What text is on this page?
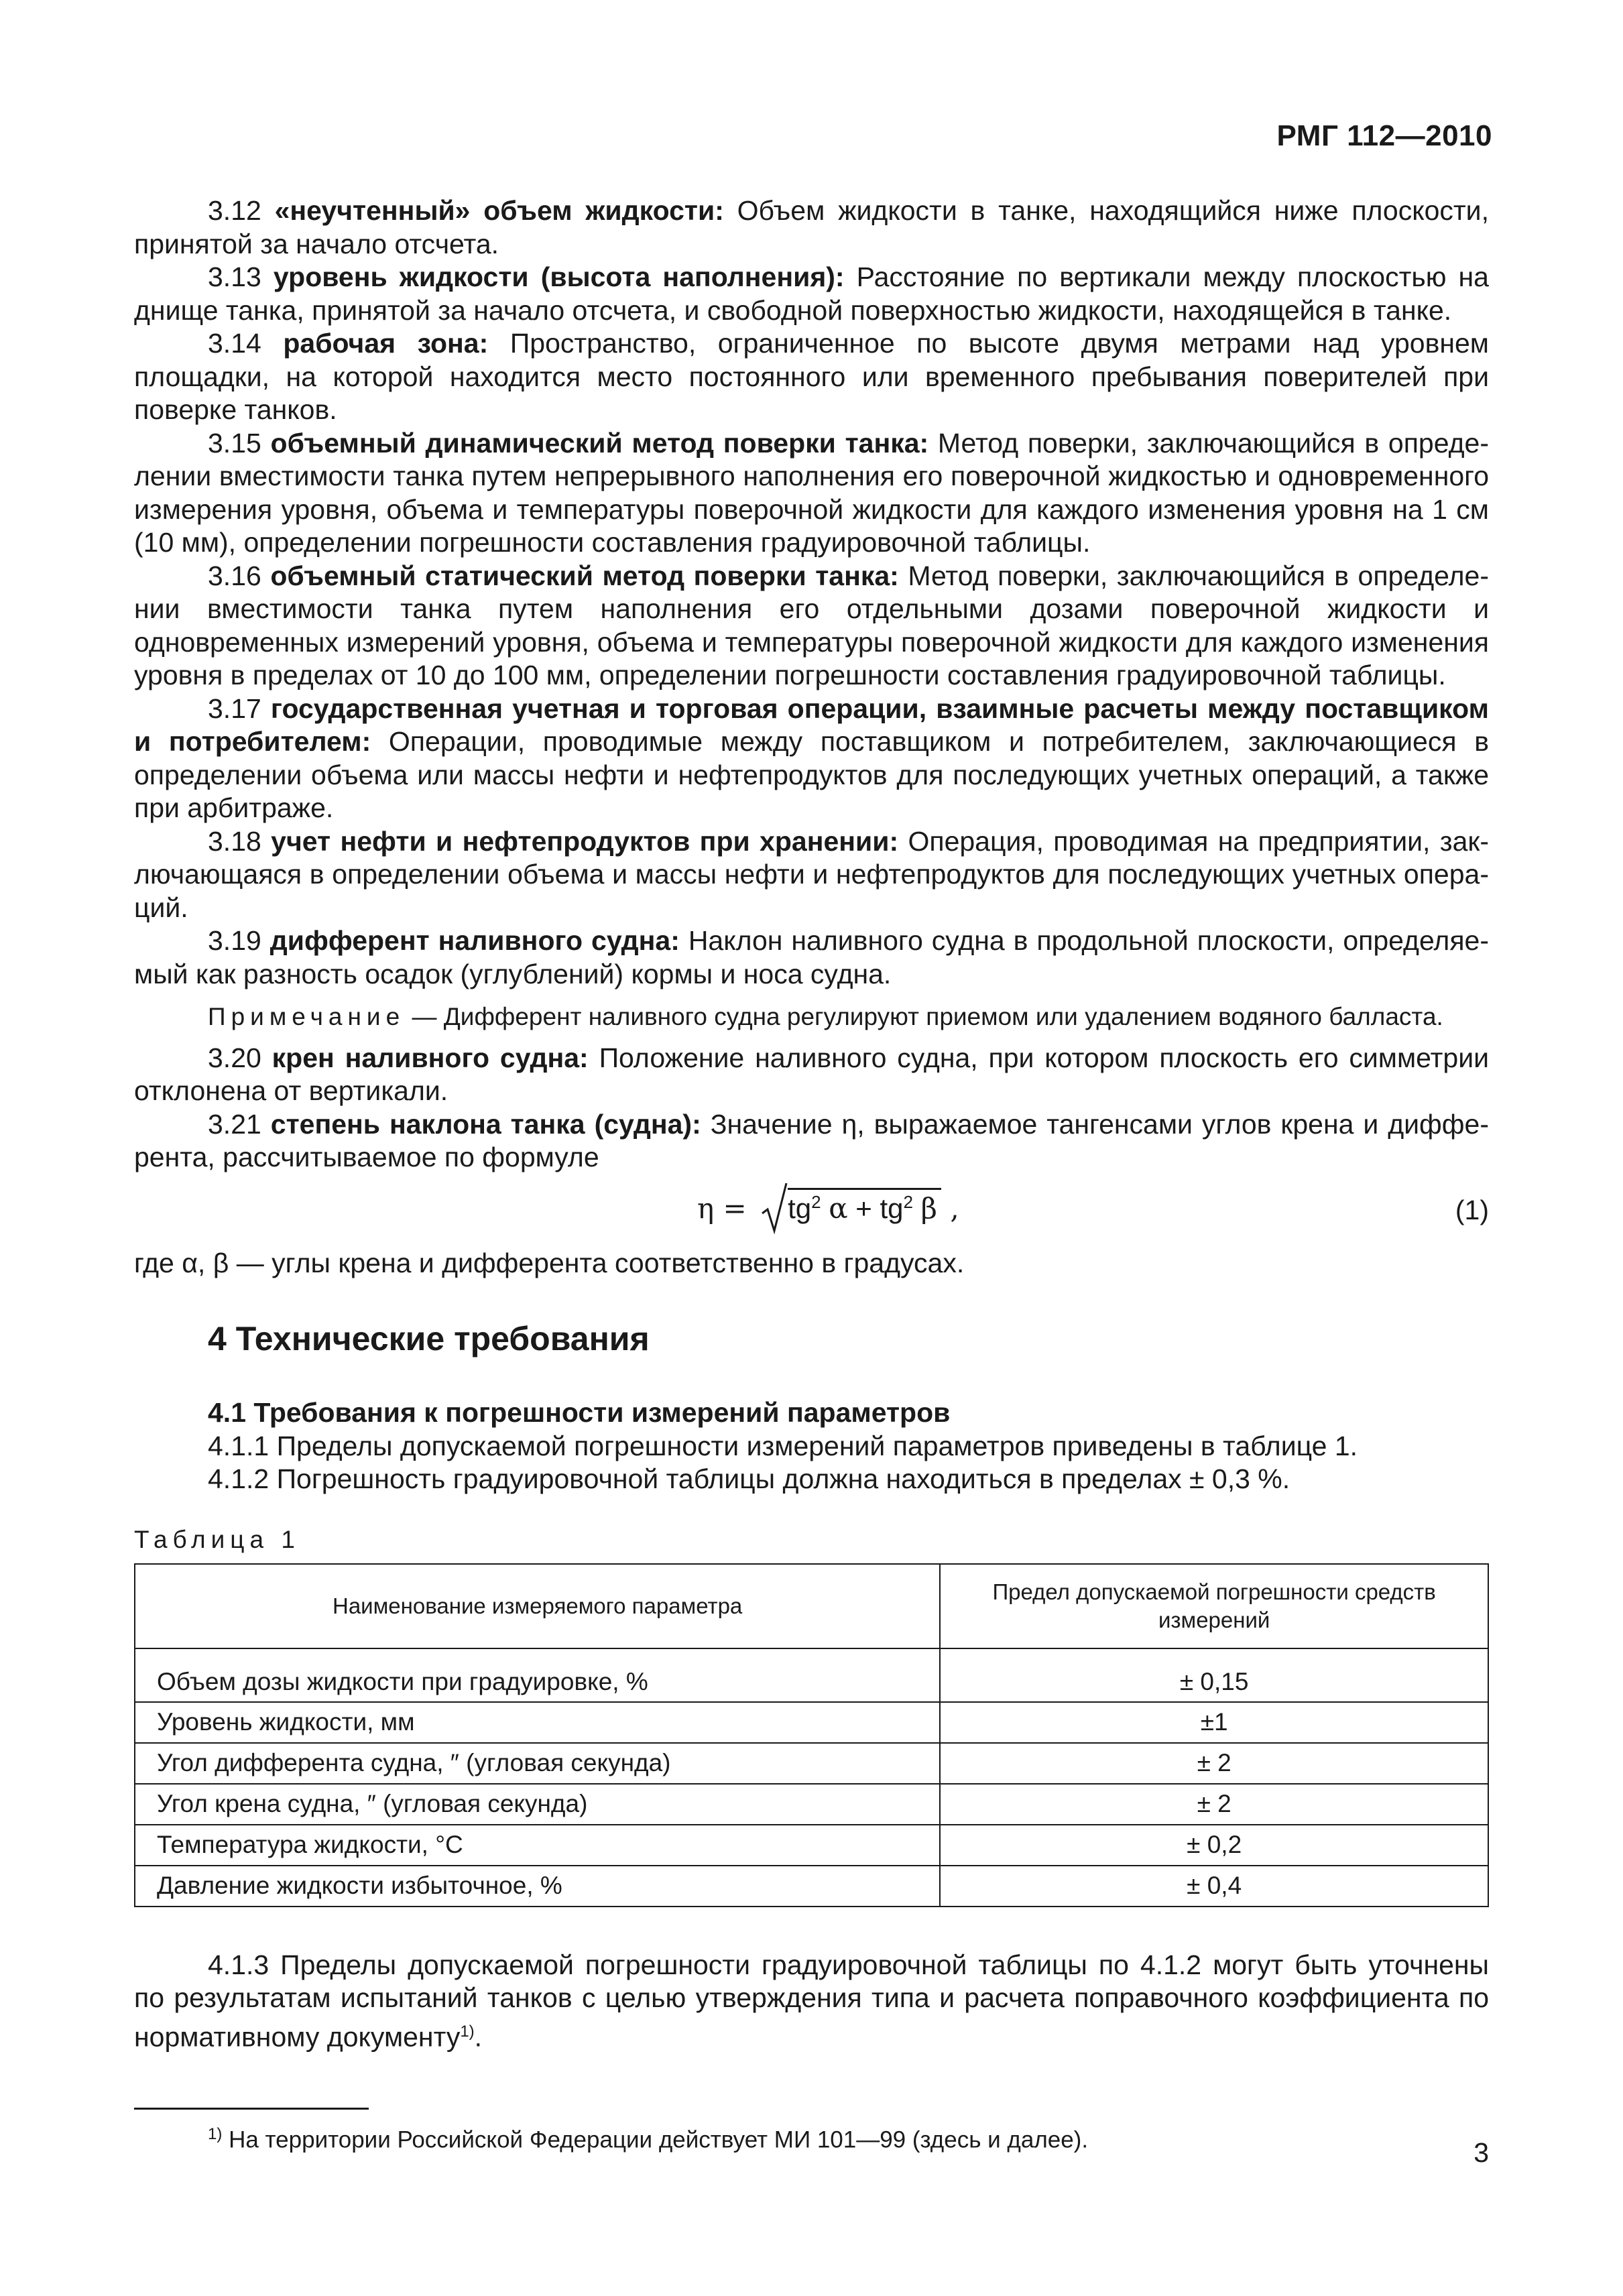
РМГ 112—2010

3.12 «неучтенный» объем жидкости: Объем жидкости в танке, находящийся ниже плоскости, принятой за начало отсчета.

3.13 уровень жидкости (высота наполнения): Расстояние по вертикали между плоскостью на днище танка, принятой за начало отсчета, и свободной поверхностью жидкости, находящейся в танке.

3.14 рабочая зона: Пространство, ограниченное по высоте двумя метрами над уровнем площадки, на которой находится место постоянного или временного пребывания поверителей при поверке танков.

3.15 объемный динамический метод поверки танка: Метод поверки, заключающийся в определении вместимости танка путем непрерывного наполнения его поверочной жидкостью и одновременного измерения уровня, объема и температуры поверочной жидкости для каждого изменения уровня на 1 см (10 мм), определении погрешности составления градуировочной таблицы.

3.16 объемный статический метод поверки танка: Метод поверки, заключающийся в определении вместимости танка путем наполнения его отдельными дозами поверочной жидкости и одновременных измерений уровня, объема и температуры поверочной жидкости для каждого изменения уровня в пределах от 10 до 100 мм, определении погрешности составления градуировочной таблицы.

3.17 государственная учетная и торговая операции, взаимные расчеты между поставщиком и потребителем: Операции, проводимые между поставщиком и потребителем, заключающиеся в определении объема или массы нефти и нефтепродуктов для последующих учетных операций, а также при арбитраже.

3.18 учет нефти и нефтепродуктов при хранении: Операция, проводимая на предприятии, заключающаяся в определении объема и массы нефти и нефтепродуктов для последующих учетных операций.

3.19 дифферент наливного судна: Наклон наливного судна в продольной плоскости, определяемый как разность осадок (углублений) кормы и носа судна.

Примечание — Дифферент наливного судна регулируют приемом или удалением водяного балласта.

3.20 крен наливного судна: Положение наливного судна, при котором плоскость его симметрии отклонена от вертикали.

3.21 степень наклона танка (судна): Значение η, выражаемое тангенсами углов крена и дифферента, рассчитываемое по формуле

$\eta = tg^2$ $\alpha + tg^2$ β ,	(1)

где α, β — углы крена и дифферента соответственно в градусах.

4 Технические требования
4.1 Требования к погрешности измерений параметров

4.1.1 Пределы допускаемой погрешности измерений параметров приведены в таблице 1.

4.1.2 Погрешность градуировочной таблицы должна находиться в пределах ± 0,3 %.

Таблица 1
Наименование измеряемого параметра	Предел допускаемой погрешности средств измерений
Объем дозы жидкости при градуировке, %	± 0,15
Уровень жидкости, мм	±1
Угол дифферента судна, ″ (угловая секунда)	± 2
Угол крена судна, ″ (угловая секунда)	± 2
Температура жидкости, °С	± 0,2
Давление жидкости избыточное, %	± 0,4

4.1.3 Пределы допускаемой погрешности градуировочной таблицы по 4.1.2 могут быть уточнены по результатам испытаний танков с целью утверждения типа и расчета поправочного коэффициента по нормативному документу$^{1)}$.

$^{1)}$ На территории Российской Федерации действует МИ 101—99 (здесь и далее).	3
